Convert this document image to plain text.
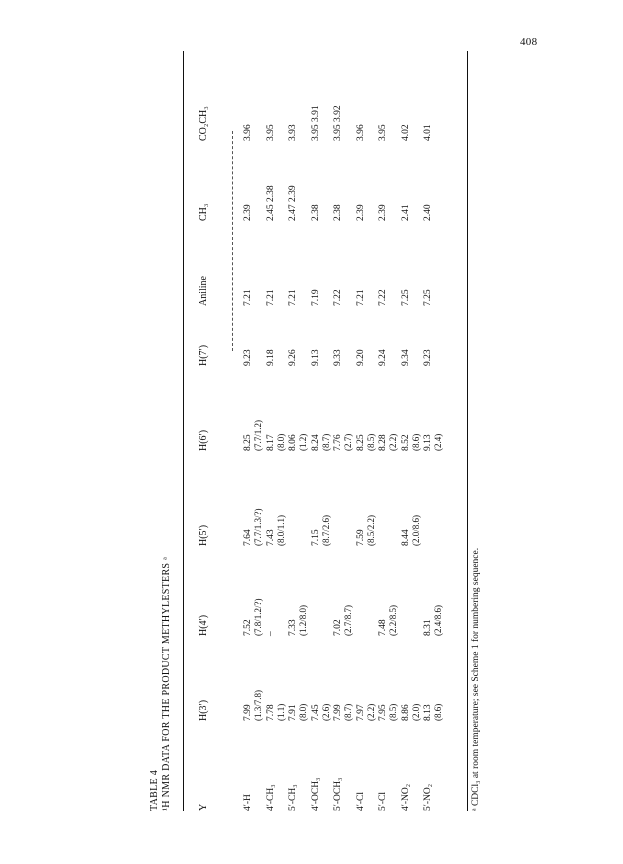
408
TABLE 4 ¹H NMR DATA FOR THE PRODUCT METHYLESTERS ᵃ	Y
H(3′)
H(4′)
H(5′)
H(6′)
H(7′)
Aniline
CH₃
CO₂CH₃
4′-H
7.99 (1.3/7.8)
7.52 (7.8/1.2/?)
7.64 (7.7/1.3/?)
8.25 (7.7/1.2)
9.23
7.21
2.39
3.96
4′-CH₃
7.78 (1.1)
–
7.43 (8.0/1.1)
8.17 (8.0)
9.18
7.21
2.45 2.38
3.95
5′-CH₃
7.91 (8.0)
7.33 (1.2/8.0)
8.06 (1.2)
9.26
7.21
2.47 2.39
3.93
4′-OCH₃
7.45 (2.6)
7.15 (8.7/2.6)
8.24 (8.7)
9.13
7.19
2.38
3.95 3.91
5′-OCH₃
7.99 (8.7)
7.02 (2.7/8.7)
7.76 (2.7)
9.33
7.22
2.38
3.95 3.92
4′-Cl
7.97 (2.2)
7.59 (8.5/2.2)
8.25 (8.5)
9.20
7.21
2.39
3.96
5′-Cl
7.95 (8.5)
7.48 (2.2/8.5)
8.28 (2.2)
9.24
7.22
2.39
3.95
4′-NO₂
8.86 (2.0)
8.44 (2.0/8.6)
8.52 (8.6)
9.34
7.25
2.41
4.02
5′-NO₂
8.13 (8.6)
8.31 (2.4/8.6)
9.13 (2.4)
9.23
7.25
2.40
4.01
ᵃ CDCl₃ at room temperature; see Scheme 1 for numbering sequence.
